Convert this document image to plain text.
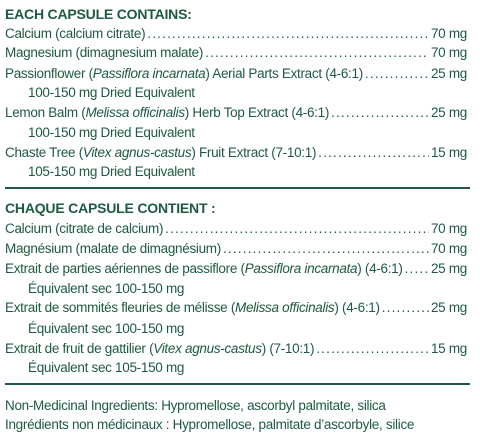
EACH CAPSULE CONTAINS:
Calcium (calcium citrate) .....	70 mg
Magnesium (dimagnesium malate) .....	70 mg
Passionflower (Passiflora incarnata) Aerial Parts Extract (4-6:1) .....	25 mg
100-150 mg Dried Equivalent
Lemon Balm (Melissa officinalis) Herb Top Extract (4-6:1) .....	25 mg
100-150 mg Dried Equivalent
Chaste Tree (Vitex agnus-castus) Fruit Extract (7-10:1) .....	15 mg
105-150 mg Dried Equivalent
CHAQUE CAPSULE CONTIENT :
Calcium (citrate de calcium) .....	70 mg
Magnésium (malate de dimagnésium) .....	70 mg
Extrait de parties aériennes de passiflore (Passiflora incarnata) (4-6:1) ..... 25 mg
Équivalent sec 100-150 mg
Extrait de sommités fleuries de mélisse (Melissa officinalis) (4-6:1) .....	25 mg
Équivalent sec 100-150 mg
Extrait de fruit de gattilier (Vitex agnus-castus) (7-10:1) .....	15 mg
Équivalent sec 105-150 mg
Non-Medicinal Ingredients: Hypromellose, ascorbyl palmitate, silica
Ingrédients non médicinaux : Hypromellose, palmitate d’ascorbyle, silice
